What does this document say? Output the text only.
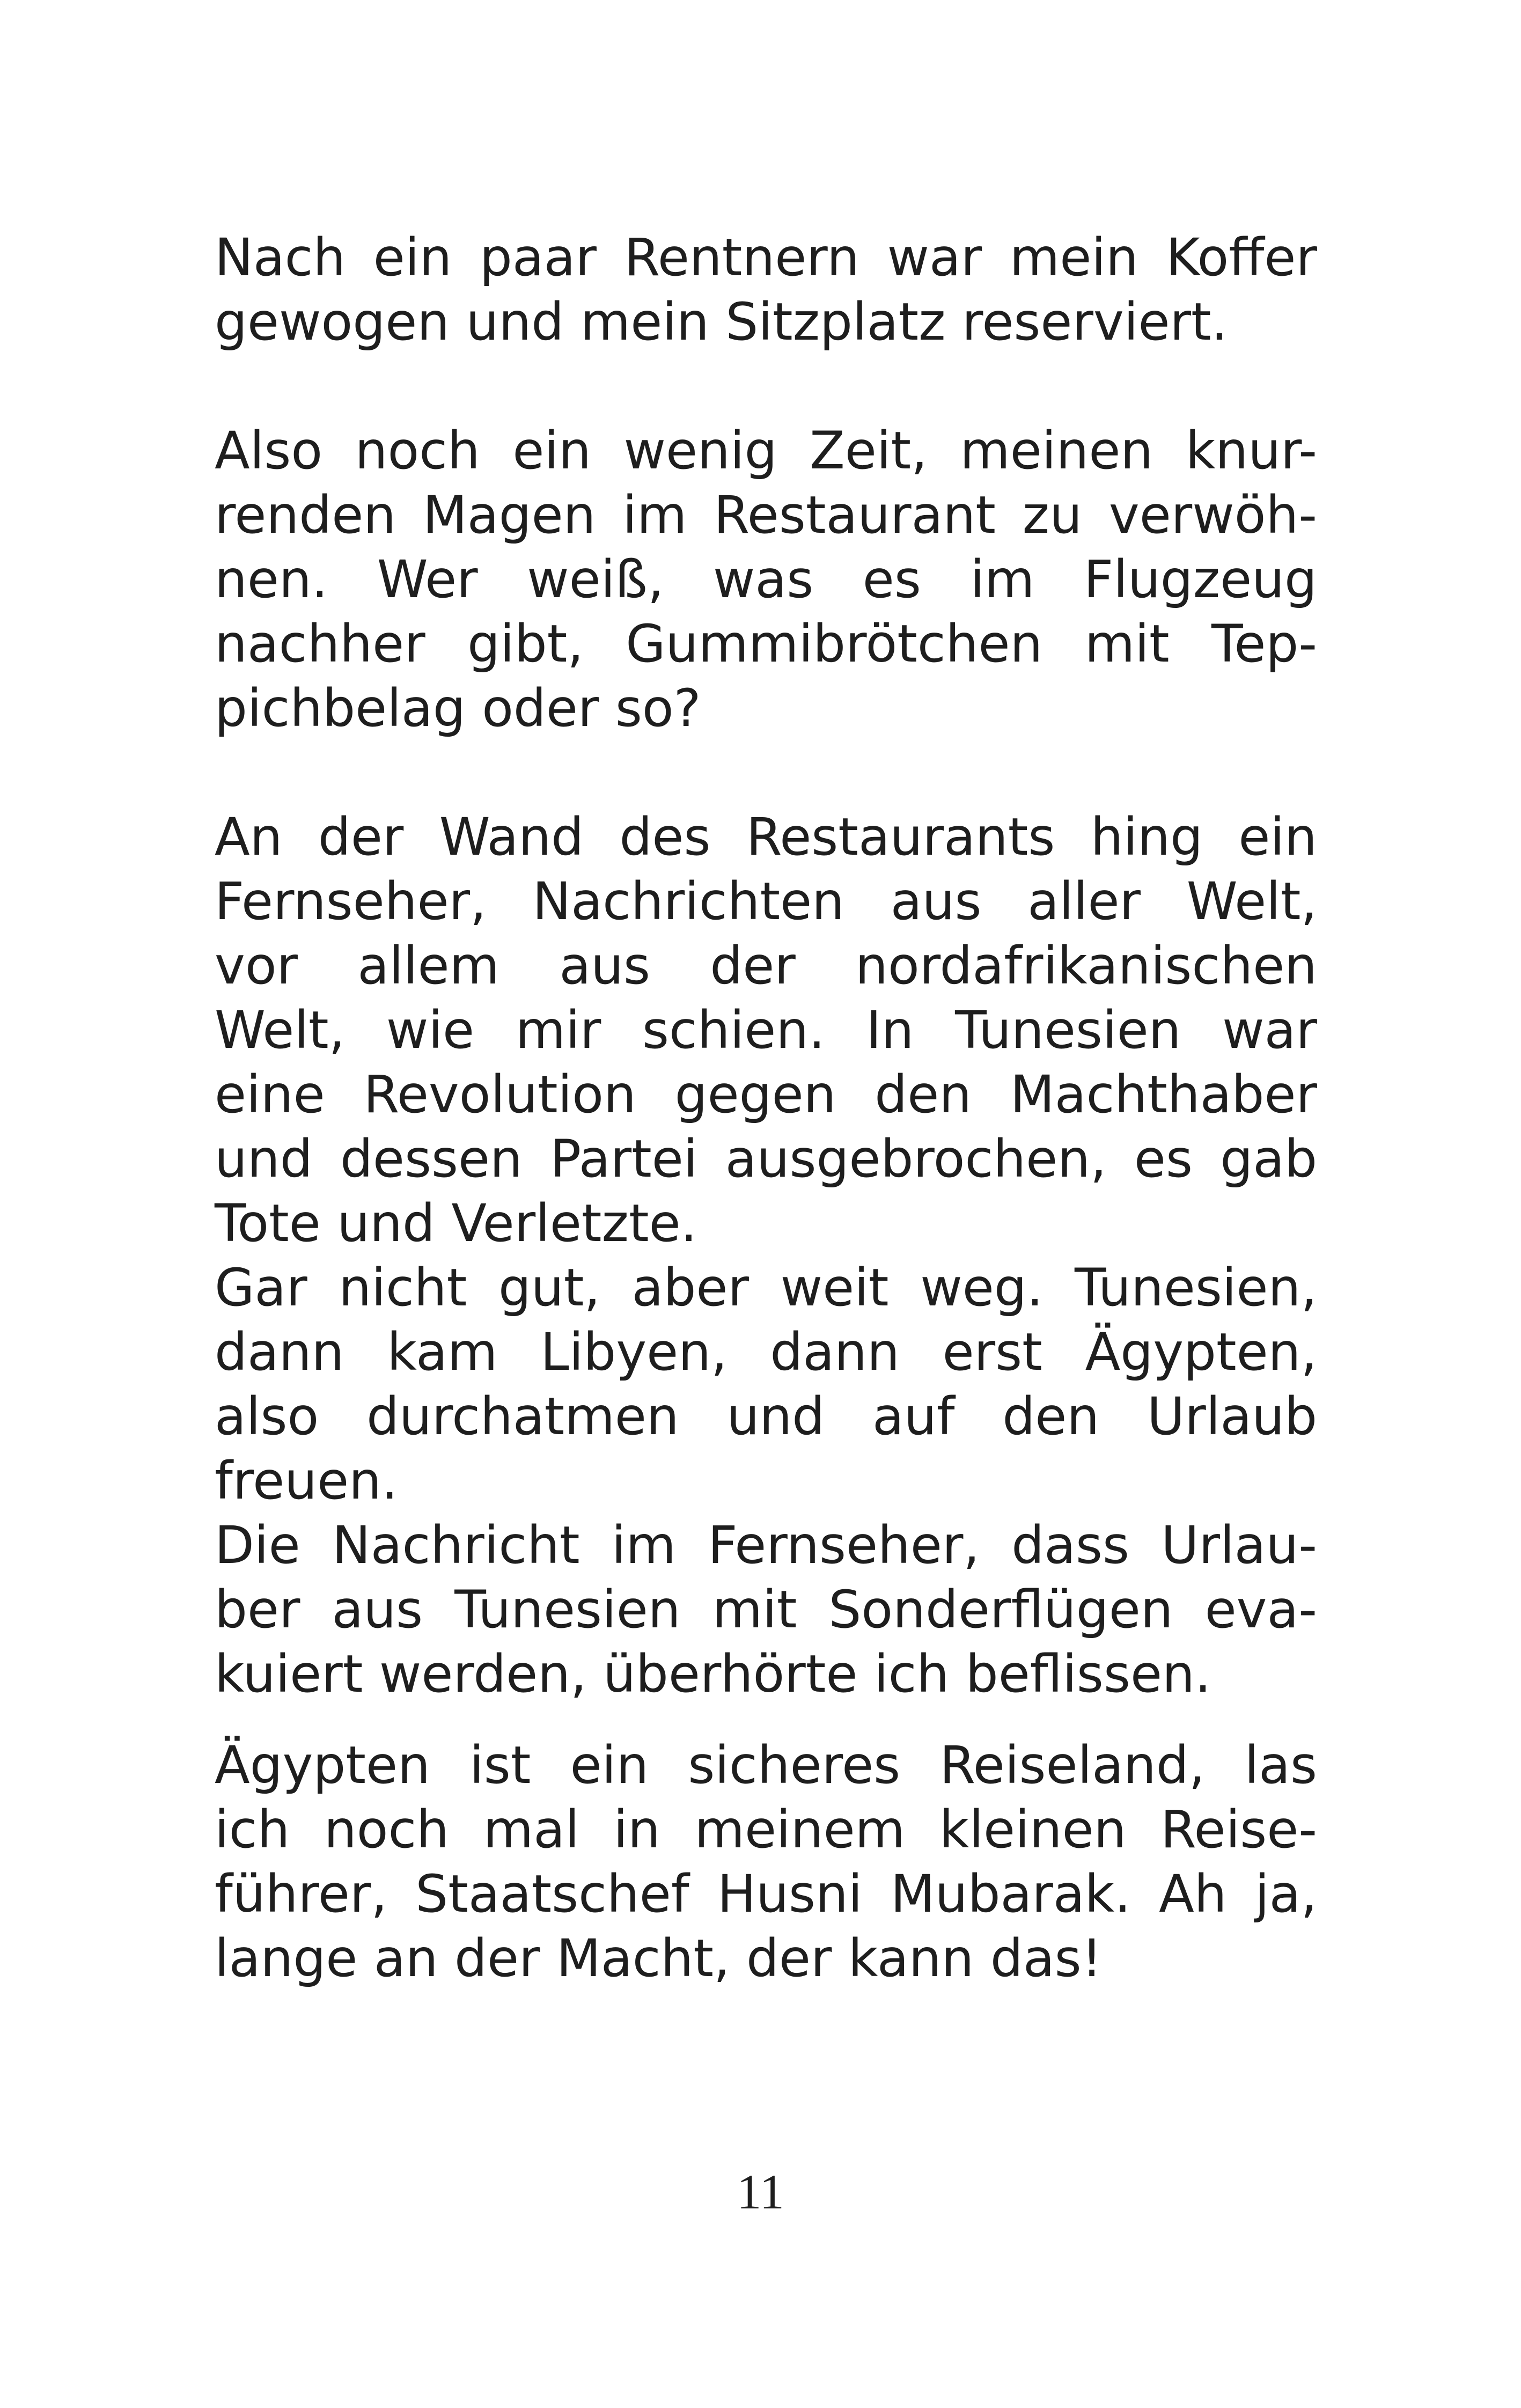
Nach ein paar Rentnern war mein Koffer
gewogen und mein Sitzplatz reserviert.
Also noch ein wenig Zeit, meinen knur-
renden Magen im Restaurant zu verwöh-
nen. Wer weiß, was es im Flugzeug
nachher gibt, Gummibrötchen mit Tep-
pichbelag oder so?
An der Wand des Restaurants hing ein
Fernseher, Nachrichten aus aller Welt,
vor allem aus der nordafrikanischen
Welt, wie mir schien. In Tunesien war
eine Revolution gegen den Machthaber
und dessen Partei ausgebrochen, es gab
Tote und Verletzte.
Gar nicht gut, aber weit weg. Tunesien,
dann kam Libyen, dann erst Ägypten,
also durchatmen und auf den Urlaub
freuen.
Die Nachricht im Fernseher, dass Urlau-
ber aus Tunesien mit Sonderflügen eva-
kuiert werden, überhörte ich beflissen.
Ägypten ist ein sicheres Reiseland, las
ich noch mal in meinem kleinen Reise-
führer, Staatschef Husni Mubarak. Ah ja,
lange an der Macht, der kann das!
11
